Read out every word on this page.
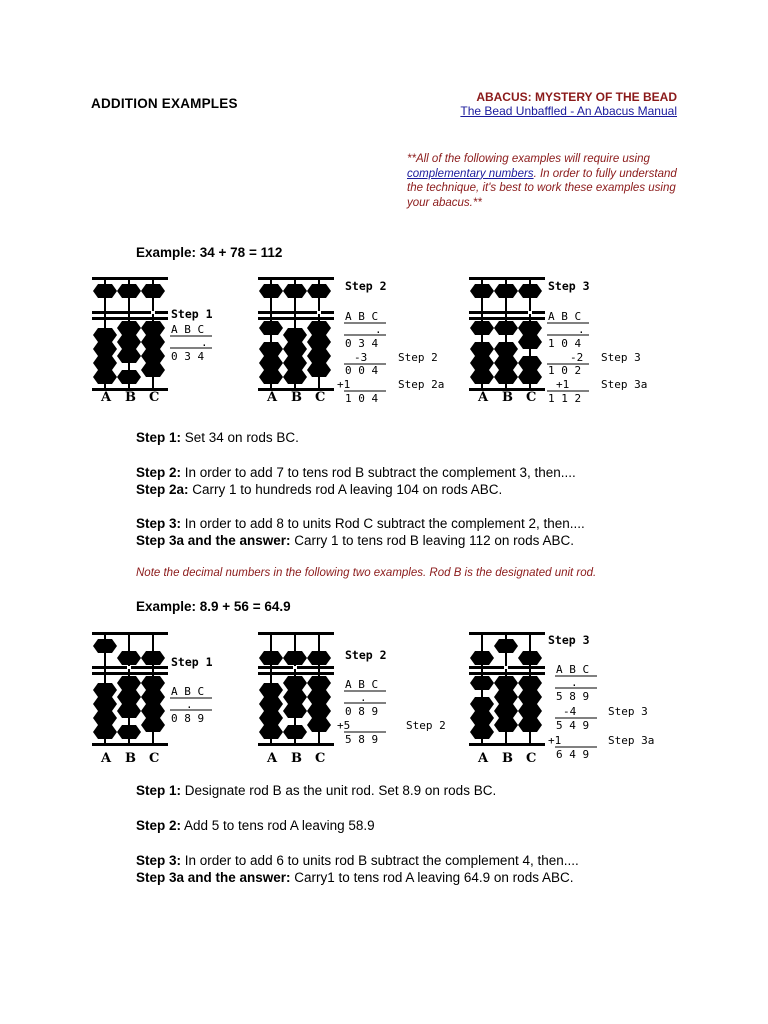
ADDITION EXAMPLES	ABACUS: MYSTERY OF THE BEAD
The Bead Unbaffled - An Abacus Manual
**All of the following examples will require using complementary numbers. In order to fully understand the technique, it's best to work these examples using your abacus.**
Example: 34 + 78 = 112
A B C
Step 1
A B C
.
0 3 4
A B C
Step 2
A B C
.
0 3 4
-3
0 0 4
+1
1 0 4
Step 2
Step 2a
A B C
Step 3
A B C
.
1 0 4
-2
1 0 2
+1
1 1 2
Step 3
Step 3a
Step 1: Set 34 on rods BC.
Step 2: In order to add 7 to tens rod B subtract the complement 3, then....
Step 2a: Carry 1 to hundreds rod A leaving 104 on rods ABC.
Step 3: In order to add 8 to units Rod C subtract the complement 2, then....
Step 3a and the answer: Carry 1 to tens rod B leaving 112 on rods ABC.
Note the decimal numbers in the following two examples. Rod B is the designated unit rod.
Example: 8.9 + 56 = 64.9
A B C
Step 1
A B C
.
0 8 9
A B C
Step 2
A B C
.
0 8 9
+5
5 8 9
Step 2
A B C
Step 3
A B C
.
5 8 9
-4
5 4 9
+1
6 4 9
Step 3
Step 3a
Step 1: Designate rod B as the unit rod. Set 8.9 on rods BC.
Step 2: Add 5 to tens rod A leaving 58.9
Step 3: In order to add 6 to units rod B subtract the complement 4, then....
Step 3a and the answer: Carry1 to tens rod A leaving 64.9 on rods ABC.
